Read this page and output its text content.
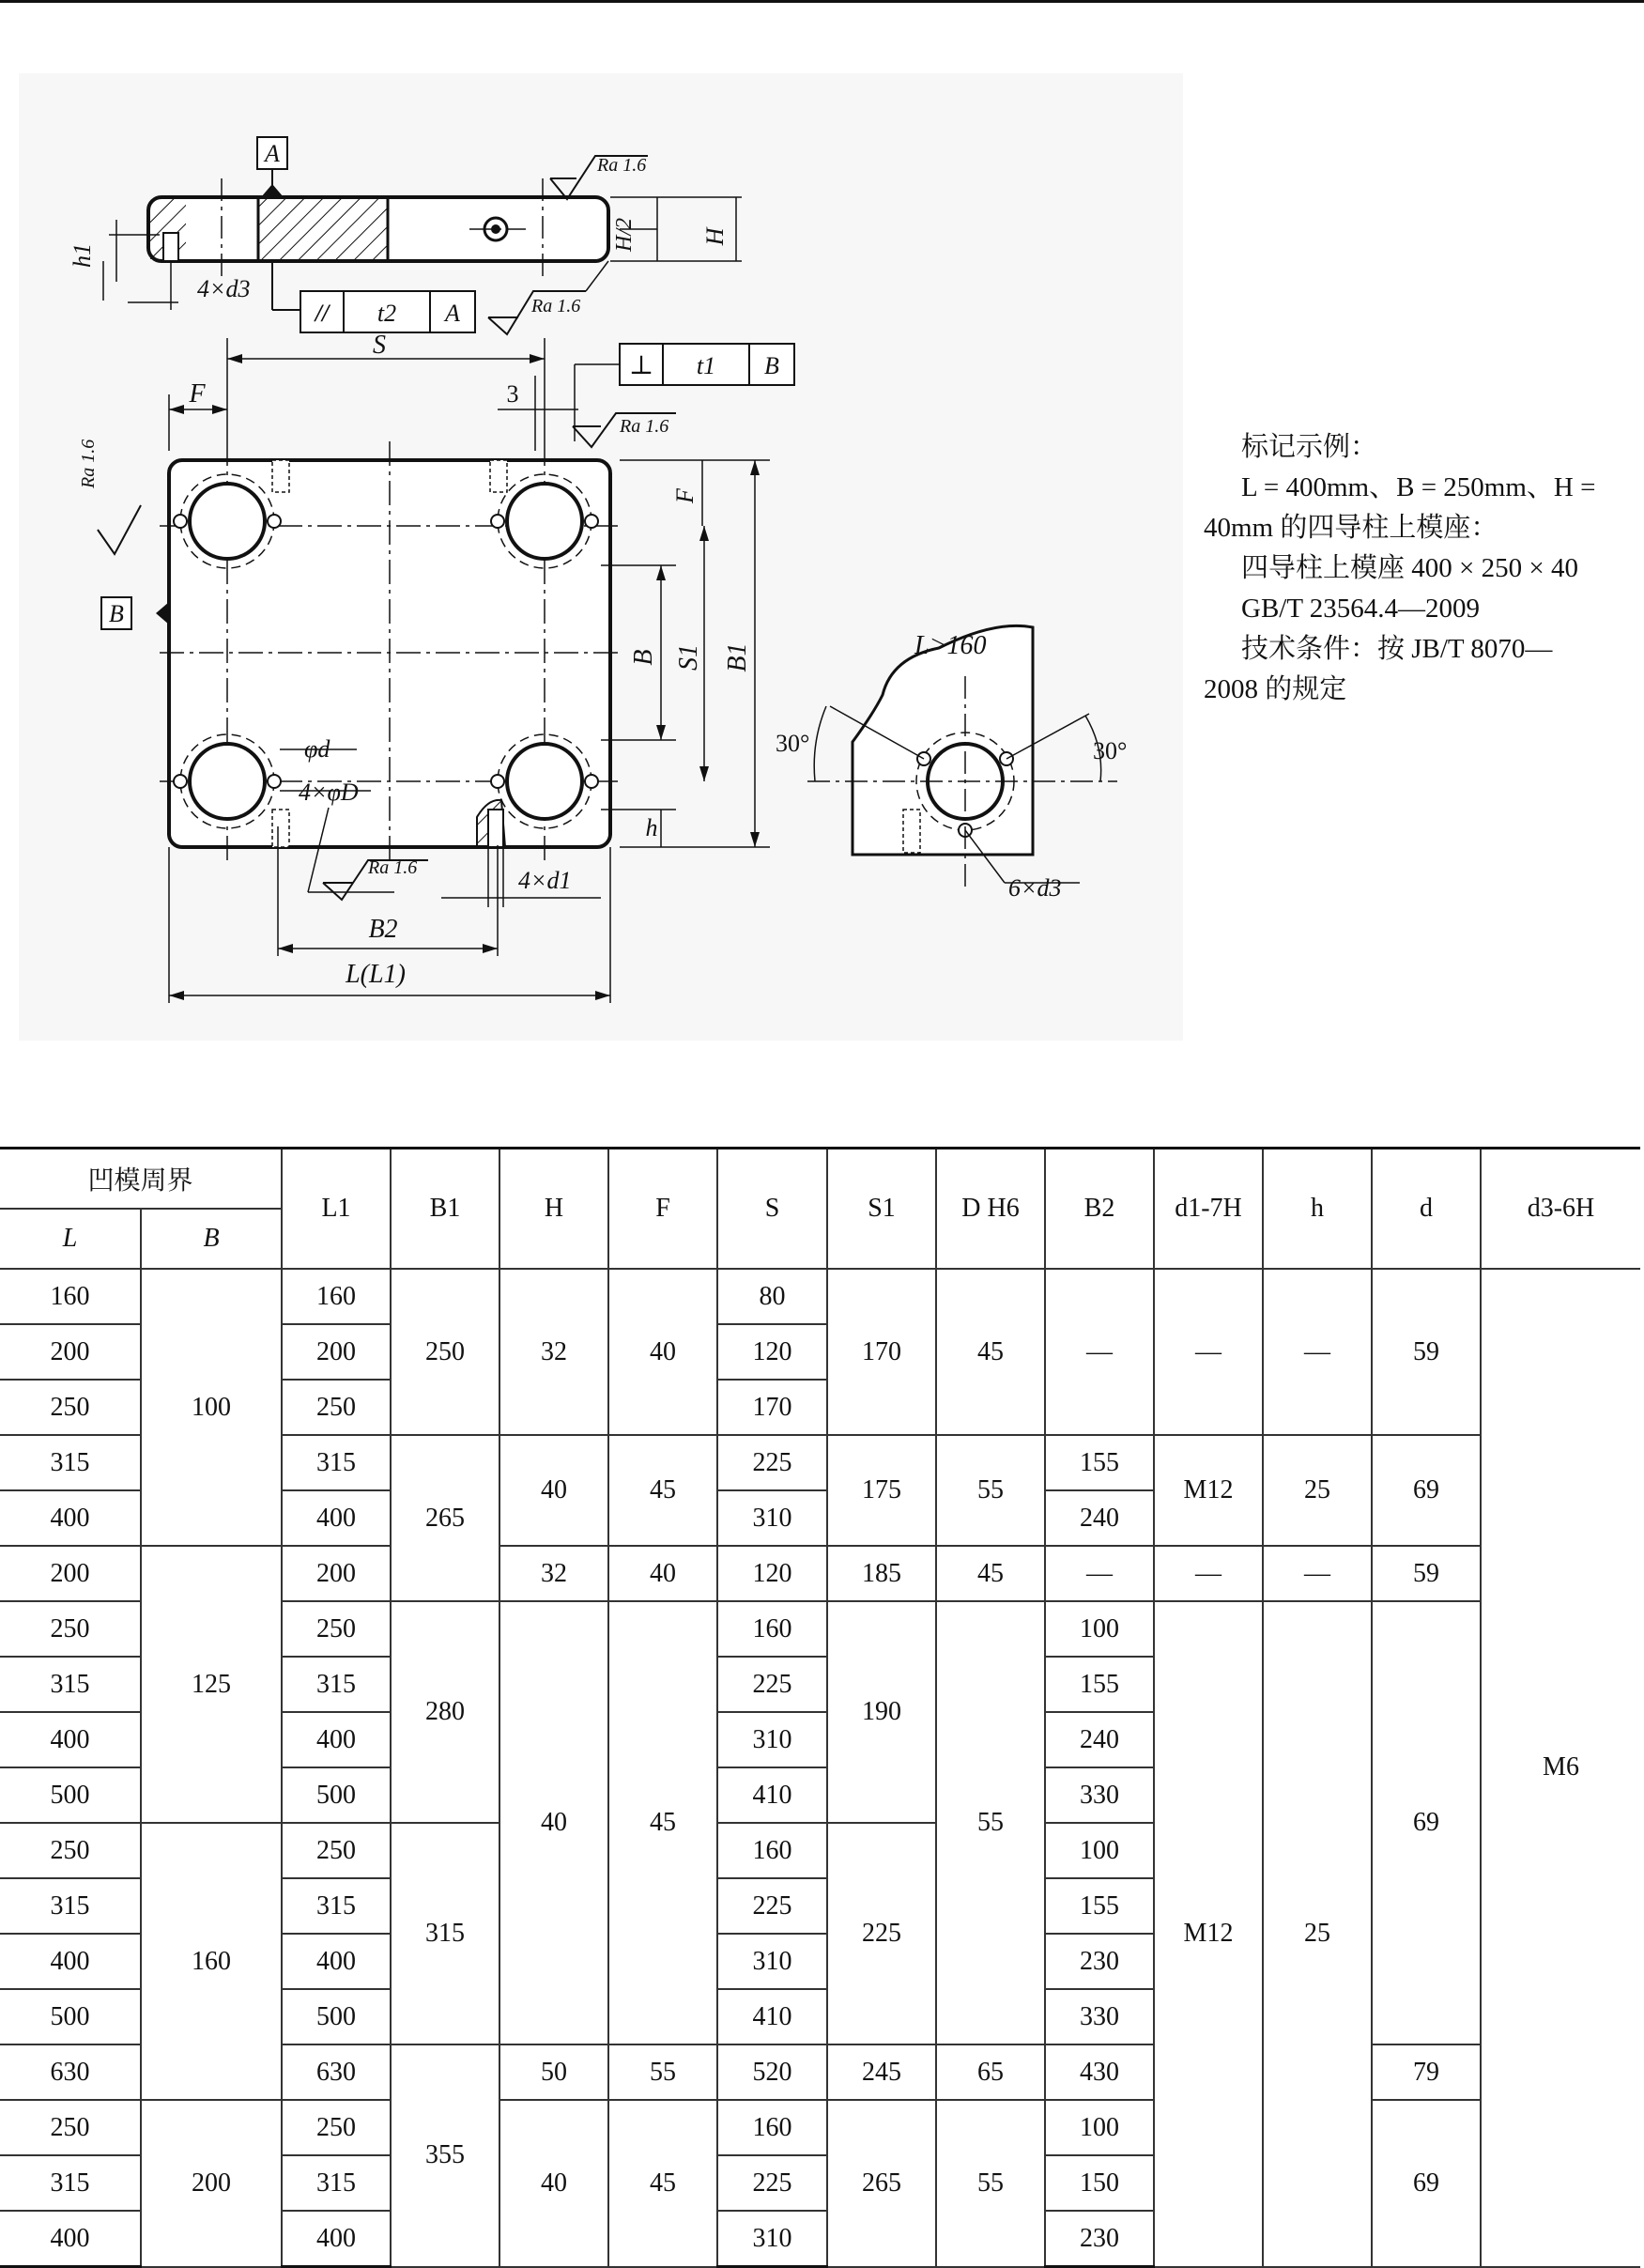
A	Ra 1.6
H/2	H
h1
4×d3
// t2 A	Ra 1.6
B
Ra 1.6
⊥ t1 B
Ra 1.6
Ra 1.6
S
F	3
F
B S1 B1
h
φd
4×φD
4×d1
B2
L(L1)
L>160
30°	30°
6×d3
标记示例：
L = 400mm、B = 250mm、H =
40mm 的四导柱上模座：
四导柱上模座 400 × 250 × 40
GB/T 23564.4—2009
技术条件：按 JB/T 8070—
2008 的规定
凹模周界		L1	B1	H	F	S	S1	D H6	B2	d1-7H	h	d	d3-6H
L	B												
160	100	160	250	32	40	80	170	45	—	—	—	59	M6
200		200				120							
250		250				170							
315		315	265	40	45	225	175	55	155	M12	25	69	
400		400				310			240				
200	125	200		32	40	120	185	45	—	—	—	59	
250		250	280	40	45	160	190	55	100	M12	25	69	
315		315				225			155				
400		400				310			240				
500		500				410			330				
250	160	250	315			160	225		100				
315		315				225			155				
400		400				310			230				
500		500				410			330				
630		630	355	50	55	520	245	65	430			79	
250	200	250		40	45	160	265	55	100			69	
315		315				225			150				
400		400				310			230				
